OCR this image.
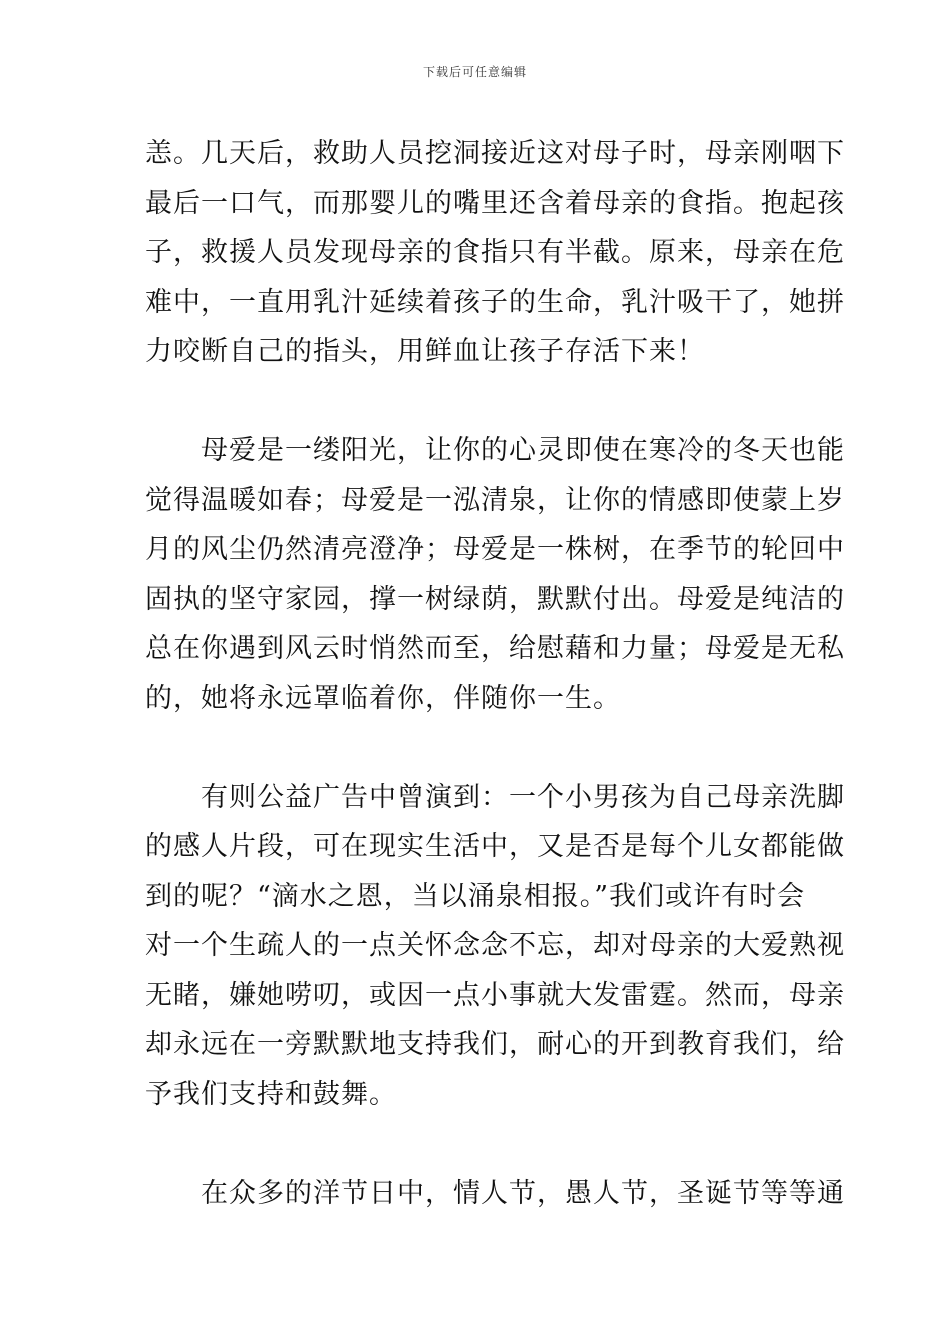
下载后可任意编辑
恙。几天后，救助人员挖洞接近这对母子时，母亲刚咽下
最后一口气，而那婴儿的嘴里还含着母亲的食指。抱起孩
子，救援人员发现母亲的食指只有半截。原来，母亲在危
难中，一直用乳汁延续着孩子的生命，乳汁吸干了，她拼
力咬断自己的指头，用鲜血让孩子存活下来！
母爱是一缕阳光，让你的心灵即使在寒冷的冬天也能
觉得温暖如春；母爱是一泓清泉，让你的情感即使蒙上岁
月的风尘仍然清亮澄净；母爱是一株树，在季节的轮回中
固执的坚守家园，撑一树绿荫，默默付出。母爱是纯洁的
总在你遇到风云时悄然而至，给慰藉和力量；母爱是无私
的，她将永远罩临着你，伴随你一生。
有则公益广告中曾演到：一个小男孩为自己母亲洗脚
的感人片段，可在现实生活中，又是否是每个儿女都能做
到的呢？“滴水之恩，当以涌泉相报。”我们或许有时会
对一个生疏人的一点关怀念念不忘，却对母亲的大爱熟视
无睹，嫌她唠叨，或因一点小事就大发雷霆。然而，母亲
却永远在一旁默默地支持我们，耐心的开到教育我们，给
予我们支持和鼓舞。
在众多的洋节日中，情人节，愚人节，圣诞节等等通
